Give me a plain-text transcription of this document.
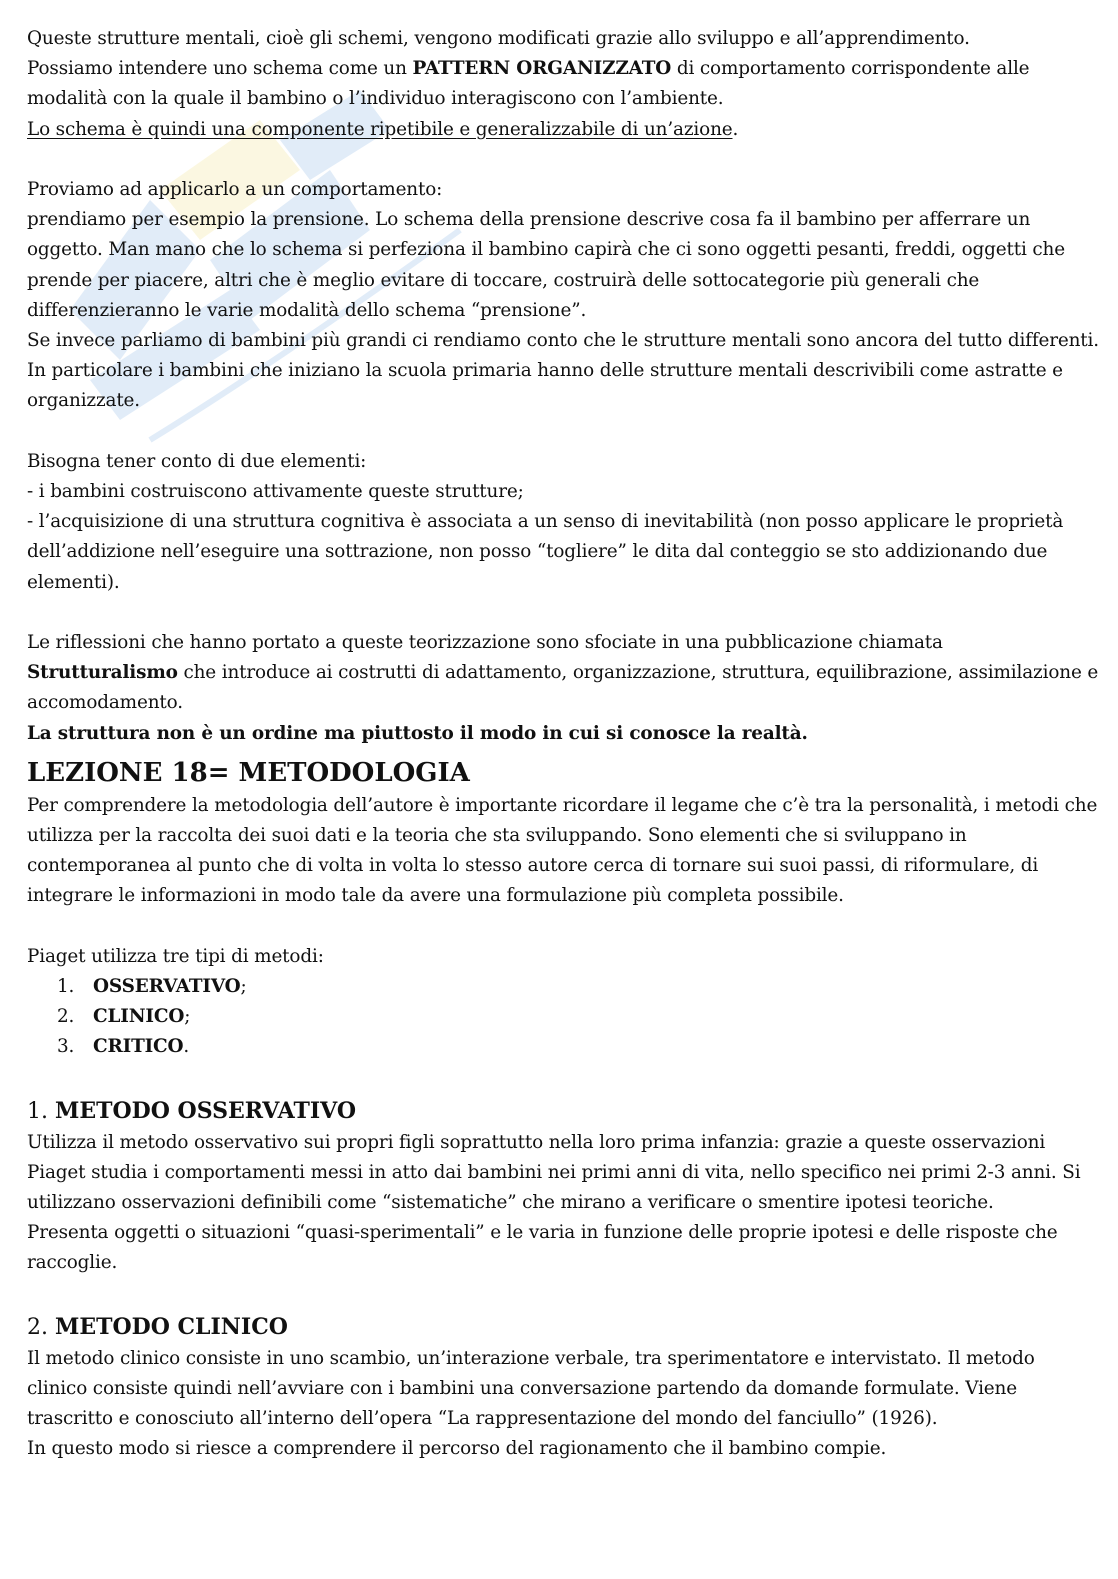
Queste strutture mentali, cioè gli schemi, vengono modificati grazie allo sviluppo e all’apprendimento.

Possiamo intendere uno schema come un PATTERN ORGANIZZATO di comportamento corrispondente alle modalità con la quale il bambino o l’individuo interagiscono con l’ambiente.

Lo schema è quindi una componente ripetibile e generalizzabile di un’azione.

Proviamo ad applicarlo a un comportamento:

prendiamo per esempio la prensione. Lo schema della prensione descrive cosa fa il bambino per afferrare un oggetto. Man mano che lo schema si perfeziona il bambino capirà che ci sono oggetti pesanti, freddi, oggetti che prende per piacere, altri che è meglio evitare di toccare, costruirà delle sottocategorie più generali che differenzieranno le varie modalità dello schema “prensione”.

Se invece parliamo di bambini più grandi ci rendiamo conto che le strutture mentali sono ancora del tutto differenti. In particolare i bambini che iniziano la scuola primaria hanno delle strutture mentali descrivibili come astratte e organizzate.

Bisogna tener conto di due elementi:

- i bambini costruiscono attivamente queste strutture;

- l’acquisizione di una struttura cognitiva è associata a un senso di inevitabilità (non posso applicare le proprietà dell’addizione nell’eseguire una sottrazione, non posso “togliere” le dita dal conteggio se sto addizionando due elementi).

Le riflessioni che hanno portato a queste teorizzazione sono sfociate in una pubblicazione chiamata Strutturalismo che introduce ai costrutti di adattamento, organizzazione, struttura, equilibrazione, assimilazione e accomodamento.

La struttura non è un ordine ma piuttosto il modo in cui si conosce la realtà.

LEZIONE 18= METODOLOGIA

Per comprendere la metodologia dell’autore è importante ricordare il legame che c’è tra la personalità, i metodi che utilizza per la raccolta dei suoi dati e la teoria che sta sviluppando. Sono elementi che si sviluppano in contemporanea al punto che di volta in volta lo stesso autore cerca di tornare sui suoi passi, di riformulare, di integrare le informazioni in modo tale da avere una formulazione più completa possibile.

Piaget utilizza tre tipi di metodi:

1.	OSSERVATIVO;
2.	CLINICO;
3.	CRITICO.
1. METODO OSSERVATIVO

Utilizza il metodo osservativo sui propri figli soprattutto nella loro prima infanzia: grazie a queste osservazioni Piaget studia i comportamenti messi in atto dai bambini nei primi anni di vita, nello specifico nei primi 2-3 anni. Si utilizzano osservazioni definibili come “sistematiche” che mirano a verificare o smentire ipotesi teoriche.

Presenta oggetti o situazioni “quasi-sperimentali” e le varia in funzione delle proprie ipotesi e delle risposte che raccoglie.

2. METODO CLINICO

Il metodo clinico consiste in uno scambio, un’interazione verbale, tra sperimentatore e intervistato. Il metodo clinico consiste quindi nell’avviare con i bambini una conversazione partendo da domande formulate. Viene trascritto e conosciuto all’interno dell’opera “La rappresentazione del mondo del fanciullo” (1926).

In questo modo si riesce a comprendere il percorso del ragionamento che il bambino compie.
